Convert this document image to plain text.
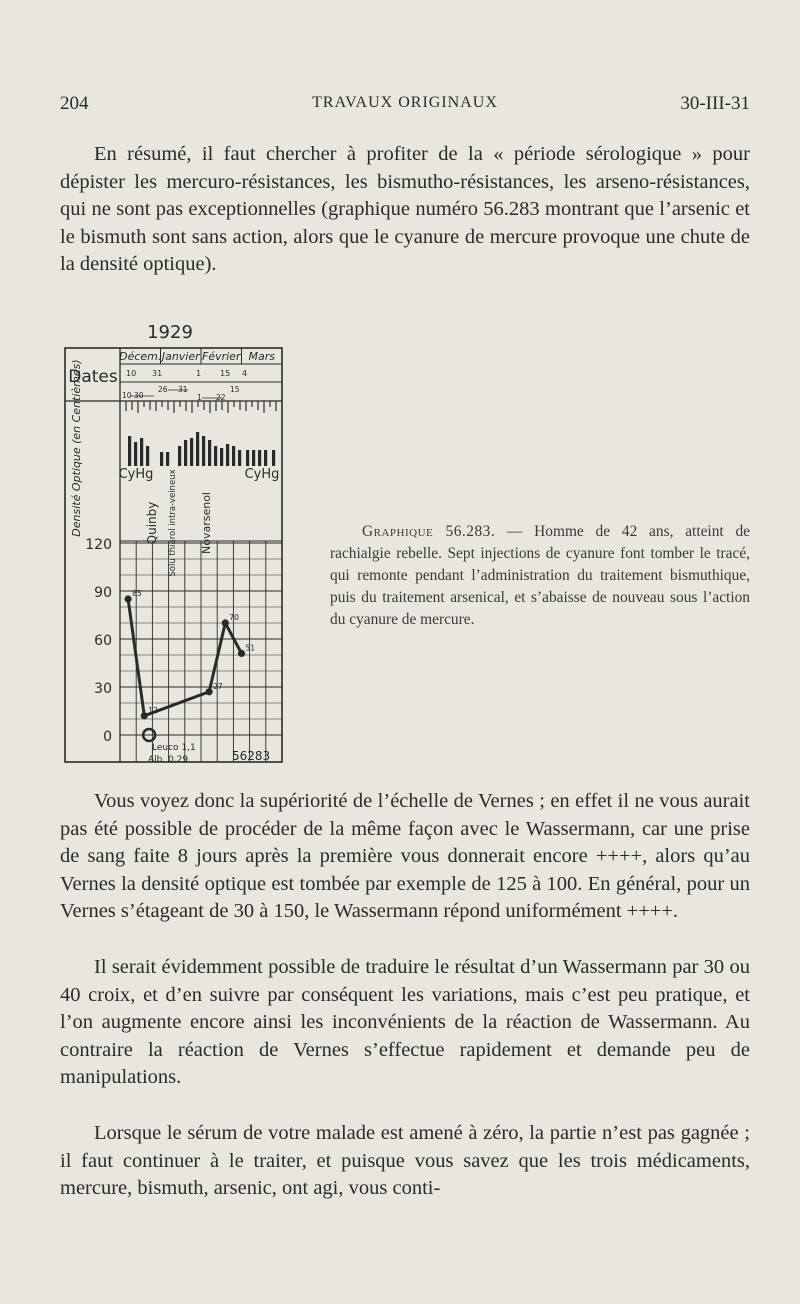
204	TRAVAUX ORIGINAUX	30-III-31
En résumé, il faut chercher à profiter de la « période sérologique » pour dépister les mercuro-résistances, les bismutho-résistances, les arseno-résistances, qui ne sont pas exceptionnelles (graphique numéro 56.283 montrant que l’arsenic et le bismuth sont sans action, alors que le cyanure de mercure provoque une chute de la densité optique).
1929
Dates
Décem. Janvier Février Mars
10 31	1 15 4
10 30
26 31	15
1 22
Densité Optique (en Centièmes)	CyHg
Quinby Solu thiarol intra-veineux Novarsenol
CyHg
120
90
60
30
0
85
12
27
70
51
Leuco 1,1
Alb. 0,29	56283
Graphique 56.283. — Homme de 42 ans, atteint de rachialgie rebelle. Sept injections de cyanure font tomber le tracé, qui remonte pendant l’administration du traitement bismuthique, puis du traitement arsenical, et s’abaisse de nouveau sous l’action du cyanure de mercure.
Vous voyez donc la supériorité de l’échelle de Vernes ; en effet il ne vous aurait pas été possible de procéder de la même façon avec le Wassermann, car une prise de sang faite 8 jours après la première vous donnerait encore ++++, alors qu’au Vernes la densité optique est tombée par exemple de 125 à 100. En général, pour un Vernes s’étageant de 30 à 150, le Wassermann répond uniformément ++++.
Il serait évidemment possible de traduire le résultat d’un Wassermann par 30 ou 40 croix, et d’en suivre par conséquent les variations, mais c’est peu pratique, et l’on augmente encore ainsi les inconvénients de la réaction de Wassermann. Au contraire la réaction de Vernes s’effectue rapidement et demande peu de manipulations.
Lorsque le sérum de votre malade est amené à zéro, la partie n’est pas gagnée ; il faut continuer à le traiter, et puisque vous savez que les trois médicaments, mercure, bismuth, arsenic, ont agi, vous conti-
